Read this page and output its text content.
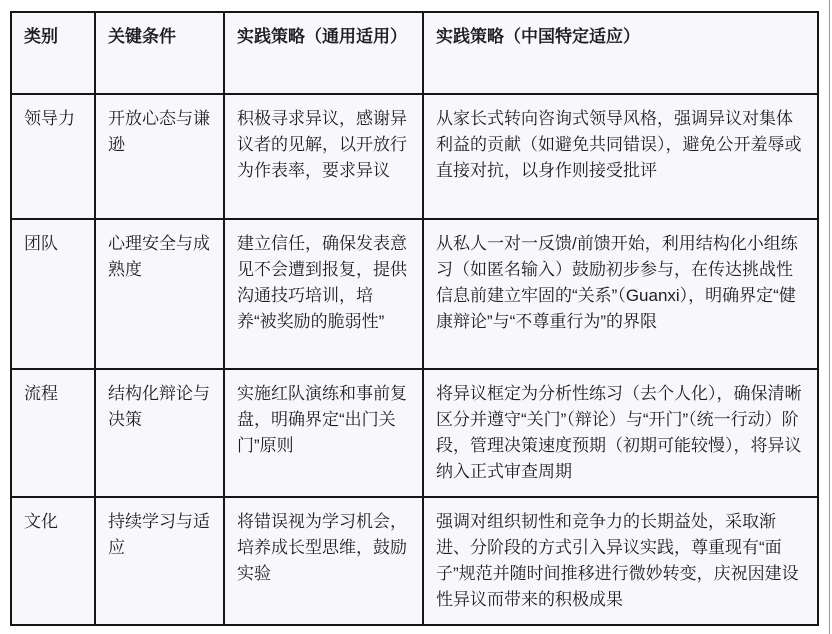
类别	关键条件	实践策略（通用适用）	实践策略（中国特定适应）
领导力	开放心态与谦逊	积极寻求异议，感谢异议者的见解，以开放行为作表率，要求异议	从家长式转向咨询式领导风格，强调异议对集体利益的贡献（如避免共同错误），避免公开羞辱或直接对抗，以身作则接受批评
团队	心理安全与成熟度	建立信任，确保发表意见不会遭到报复，提供沟通技巧培训，培养“被奖励的脆弱性”	从私人一对一反馈/前馈开始，利用结构化小组练习（如匿名输入）鼓励初步参与，在传达挑战性信息前建立牢固的“关系”（Guanxi），明确界定“健康辩论”与“不尊重行为”的界限
流程	结构化辩论与决策	实施红队演练和事前复盘，明确界定“出门关门”原则	将异议框定为分析性练习（去个人化），确保清晰区分并遵守“关门”（辩论）与“开门”（统一行动）阶段，管理决策速度预期（初期可能较慢），将异议纳入正式审查周期
文化	持续学习与适应	将错误视为学习机会，培养成长型思维，鼓励实验	强调对组织韧性和竞争力的长期益处，采取渐进、分阶段的方式引入异议实践，尊重现有“面子”规范并随时间推移进行微妙转变，庆祝因建设性异议而带来的积极成果
